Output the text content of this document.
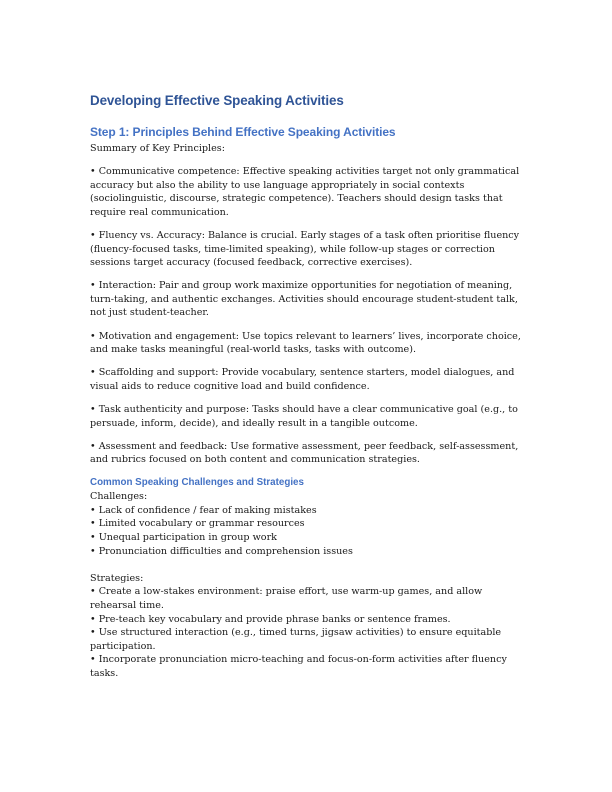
Developing Effective Speaking Activities
Step 1: Principles Behind Effective Speaking Activities

Summary of Key Principles:

• Communicative competence: Effective speaking activities target not only grammatical accuracy but also the ability to use language appropriately in social contexts (sociolinguistic, discourse, strategic competence). Teachers should design tasks that require real communication.

• Fluency vs. Accuracy: Balance is crucial. Early stages of a task often prioritise fluency (fluency-focused tasks, time-limited speaking), while follow-up stages or correction sessions target accuracy (focused feedback, corrective exercises).

• Interaction: Pair and group work maximize opportunities for negotiation of meaning, turn-taking, and authentic exchanges. Activities should encourage student-student talk, not just student-teacher.

• Motivation and engagement: Use topics relevant to learners’ lives, incorporate choice, and make tasks meaningful (real-world tasks, tasks with outcome).

• Scaffolding and support: Provide vocabulary, sentence starters, model dialogues, and visual aids to reduce cognitive load and build confidence.

• Task authenticity and purpose: Tasks should have a clear communicative goal (e.g., to persuade, inform, decide), and ideally result in a tangible outcome.

• Assessment and feedback: Use formative assessment, peer feedback, self-assessment, and rubrics focused on both content and communication strategies.

Common Speaking Challenges and Strategies

Challenges:

• Lack of confidence / fear of making mistakes

• Limited vocabulary or grammar resources

• Unequal participation in group work

• Pronunciation difficulties and comprehension issues

Strategies:

• Create a low-stakes environment: praise effort, use warm-up games, and allow rehearsal time.

• Pre-teach key vocabulary and provide phrase banks or sentence frames.

• Use structured interaction (e.g., timed turns, jigsaw activities) to ensure equitable participation.

• Incorporate pronunciation micro-teaching and focus-on-form activities after fluency tasks.
